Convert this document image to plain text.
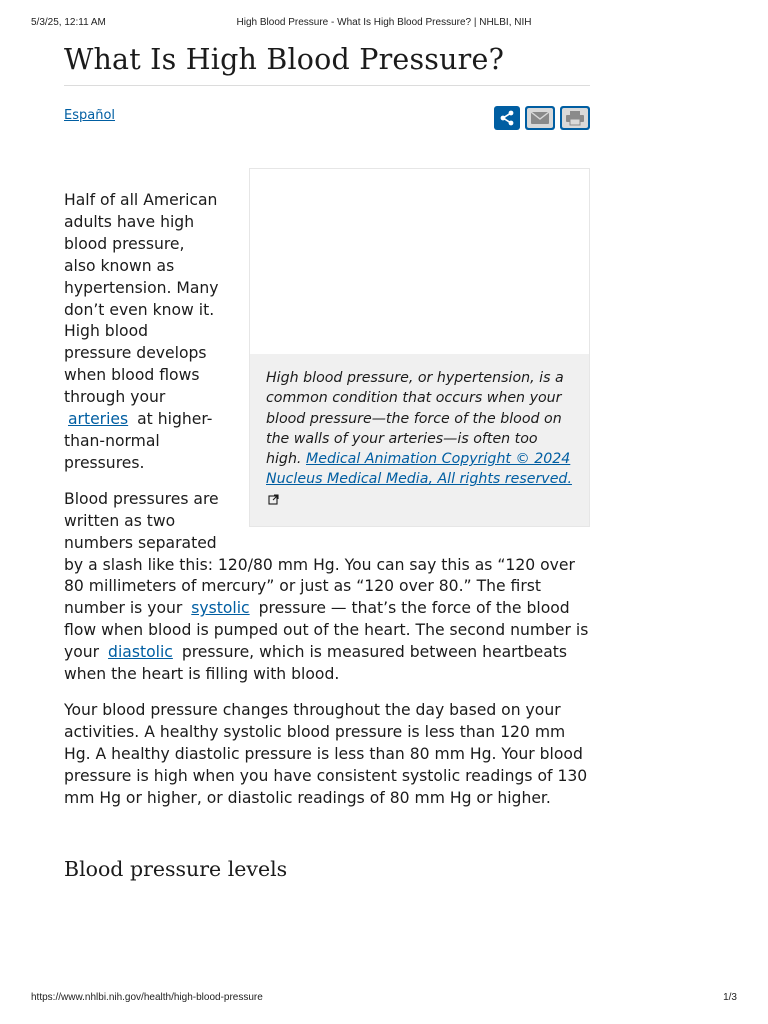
5/3/25, 12:11 AM	High Blood Pressure - What Is High Blood Pressure? | NHLBI, NIH
What Is High Blood Pressure?
Español
High blood pressure, or hypertension, is a common condition that occurs when your blood pressure—the force of the blood on the walls of your arteries—is often too high. Medical Animation Copyright © 2024 Nucleus Medical Media, All rights reserved.

Half of all American adults have high blood pressure, also known as hypertension. Many don’t even know it. High blood pressure develops when blood flows through your arteries at higher-than-normal pressures.

Blood pressures are written as two numbers separated by a slash like this: 120/80 mm Hg. You can say this as “120 over 80 millimeters of mercury” or just as “120 over 80.” The first number is your systolic pressure — that’s the force of the blood flow when blood is pumped out of the heart. The second number is your diastolic pressure, which is measured between heartbeats when the heart is filling with blood.

Your blood pressure changes throughout the day based on your activities. A healthy systolic blood pressure is less than 120 mm Hg. A healthy diastolic pressure is less than 80 mm Hg. Your blood pressure is high when you have consistent systolic readings of 130 mm Hg or higher, or diastolic readings of 80 mm Hg or higher.

Blood pressure levels
https://www.nhlbi.nih.gov/health/high-blood-pressure	1/3
